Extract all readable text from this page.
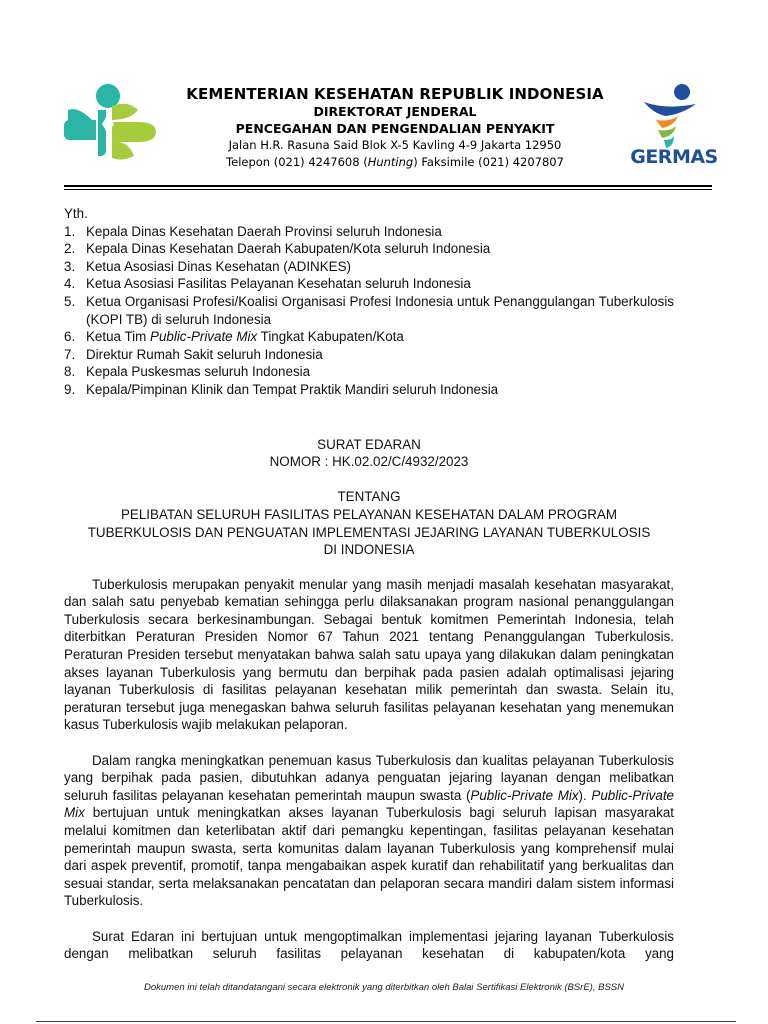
KEMENTERIAN KESEHATAN REPUBLIK INDONESIA
DIREKTORAT JENDERAL
PENCEGAHAN DAN PENGENDALIAN PENYAKIT
Jalan H.R. Rasuna Said Blok X-5 Kavling 4-9 Jakarta 12950
Telepon (021) 4247608 (Hunting) Faksimile (021) 4207807	GERMAS
Yth.
1. Kepala Dinas Kesehatan Daerah Provinsi seluruh Indonesia
2. Kepala Dinas Kesehatan Daerah Kabupaten/Kota seluruh Indonesia
3. Ketua Asosiasi Dinas Kesehatan (ADINKES)
4. Ketua Asosiasi Fasilitas Pelayanan Kesehatan seluruh Indonesia
5. Ketua Organisasi Profesi/Koalisi Organisasi Profesi Indonesia untuk Penanggulangan Tuberkulosis (KOPI TB) di seluruh Indonesia
6. Ketua Tim Public-Private Mix Tingkat Kabupaten/Kota
7. Direktur Rumah Sakit seluruh Indonesia
8. Kepala Puskesmas seluruh Indonesia
9. Kepala/Pimpinan Klinik dan Tempat Praktik Mandiri seluruh Indonesia
SURAT EDARAN
NOMOR : HK.02.02/C/4932/2023
TENTANG
PELIBATAN SELURUH FASILITAS PELAYANAN KESEHATAN DALAM PROGRAM
TUBERKULOSIS DAN PENGUATAN IMPLEMENTASI JEJARING LAYANAN TUBERKULOSIS
DI INDONESIA

Tuberkulosis merupakan penyakit menular yang masih menjadi masalah kesehatan masyarakat, dan salah satu penyebab kematian sehingga perlu dilaksanakan program nasional penanggulangan Tuberkulosis secara berkesinambungan. Sebagai bentuk komitmen Pemerintah Indonesia, telah diterbitkan Peraturan Presiden Nomor 67 Tahun 2021 tentang Penanggulangan Tuberkulosis. Peraturan Presiden tersebut menyatakan bahwa salah satu upaya yang dilakukan dalam peningkatan akses layanan Tuberkulosis yang bermutu dan berpihak pada pasien adalah optimalisasi jejaring layanan Tuberkulosis di fasilitas pelayanan kesehatan milik pemerintah dan swasta. Selain itu, peraturan tersebut juga menegaskan bahwa seluruh fasilitas pelayanan kesehatan yang menemukan kasus Tuberkulosis wajib melakukan pelaporan.

Dalam rangka meningkatkan penemuan kasus Tuberkulosis dan kualitas pelayanan Tuberkulosis yang berpihak pada pasien, dibutuhkan adanya penguatan jejaring layanan dengan melibatkan seluruh fasilitas pelayanan kesehatan pemerintah maupun swasta (Public-Private Mix). Public-Private Mix bertujuan untuk meningkatkan akses layanan Tuberkulosis bagi seluruh lapisan masyarakat melalui komitmen dan keterlibatan aktif dari pemangku kepentingan, fasilitas pelayanan kesehatan pemerintah maupun swasta, serta komunitas dalam layanan Tuberkulosis yang komprehensif mulai dari aspek preventif, promotif, tanpa mengabaikan aspek kuratif dan rehabilitatif yang berkualitas dan sesuai standar, serta melaksanakan pencatatan dan pelaporan secara mandiri dalam sistem informasi Tuberkulosis.

Surat Edaran ini bertujuan untuk mengoptimalkan implementasi jejaring layanan Tuberkulosis dengan melibatkan seluruh fasilitas pelayanan kesehatan di kabupaten/kota yang

Dokumen ini telah ditandatangani secara elektronik yang diterbitkan oleh Balai Sertifikasi Elektronik (BSrE), BSSN
